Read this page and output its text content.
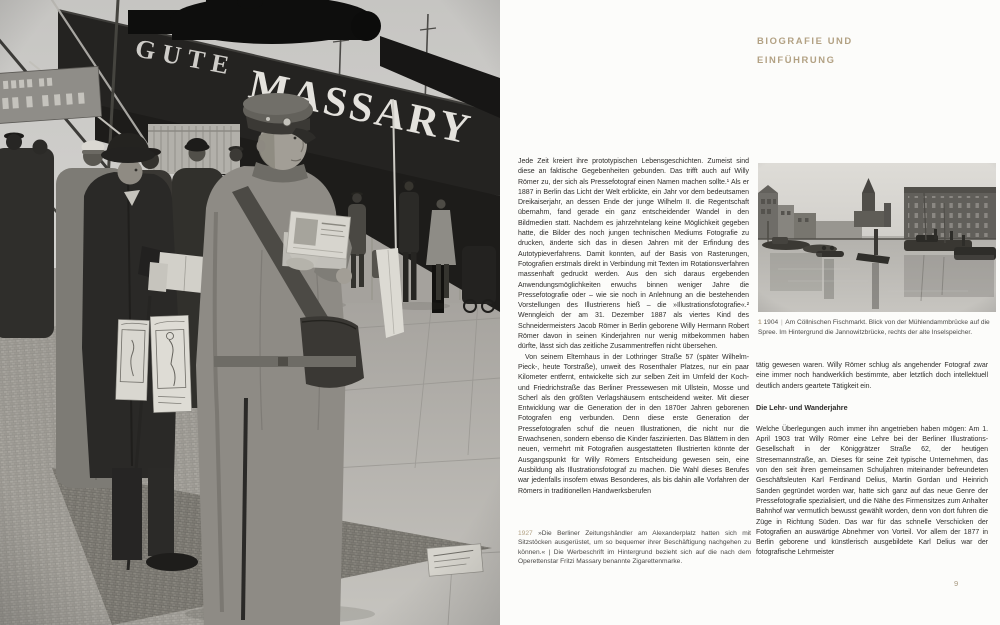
BIOGRAFIE UND
EINFÜHRUNG
1 1904 | Am Cöllnischen Fischmarkt. Blick von der Mühlendammbrücke auf die Spree. Im Hintergrund die Jannowitzbrücke, rechts der alte Inselspeicher.

Jede Zeit kreiert ihre prototypischen Lebensgeschichten. Zumeist sind diese an faktische Gegebenheiten gebunden. Das trifft auch auf Willy Römer zu, der sich als Pressefotograf einen Namen machen sollte.¹ Als er 1887 in Berlin das Licht der Welt erblickte, ein Jahr vor dem bedeutsamen Dreikaiserjahr, an dessen Ende der junge Wilhelm II. die Regentschaft übernahm, fand gerade ein ganz entscheidender Wandel in den Bildmedien statt. Nachdem es jahrzehntelang keine Möglichkeit gegeben hatte, die Bilder des noch jungen technischen Mediums Fotografie zu drucken, änderte sich das in diesen Jahren mit der Erfindung des Autotypieverfahrens. Damit konnten, auf der Basis von Rasterungen, Fotografien erstmals direkt in Verbindung mit Texten im Rotationsverfahren massenhaft gedruckt werden. Aus den sich daraus ergebenden Anwendungsmöglichkeiten erwuchs binnen weniger Jahre die Pressefotografie oder – wie sie noch in Anlehnung an die bestehenden Vorstellungen des Illustrierens hieß – die »Illustrationsfotografie«.² Wenngleich der am 31. Dezember 1887 als viertes Kind des Schneidermeisters Jacob Römer in Berlin geborene Willy Hermann Robert Römer davon in seinen Kinderjahren nur wenig mitbekommen haben dürfte, lässt sich das zeitliche Zusammentreffen nicht übersehen.

Von seinem Elternhaus in der Lothringer Straße 57 (später Wilhelm-Pieck-, heute Torstraße), unweit des Rosenthaler Platzes, nur ein paar Kilometer entfernt, entwickelte sich zur selben Zeit im Umfeld der Koch- und Friedrichstraße das Berliner Pressewesen mit Ullstein, Mosse und Scherl als den größten Verlagshäusern entscheidend weiter. Mit dieser Entwicklung war die Generation der in den 1870er Jahren geborenen Fotografen eng verbunden. Denn diese erste Generation der Pressefotografen schuf die neuen Illustrationen, die nicht nur die Erwachsenen, sondern ebenso die Kinder faszinierten. Das Blättern in den neuen, vermehrt mit Fotografien ausgestatteten Illustrierten könnte der Ausgangspunkt für Willy Römers Entscheidung gewesen sein, eine Ausbildung als Illustrationsfotograf zu machen. Die Wahl dieses Berufes war jedenfalls insofern etwas Besonderes, als bis dahin alle Vorfahren der Römers in traditionellen Handwerksberufen

1927 »Die Berliner Zeitungshändler am Alexanderplatz hatten sich mit Sitzstöcken ausgerüstet, um so bequemer ihrer Beschäftigung nachgehen zu können.« | Die Werbeschrift im Hintergrund bezieht sich auf die nach dem Operettenstar Fritzi Massary benannte Zigarettenmarke.

tätig gewesen waren. Willy Römer schlug als angehender Fotograf zwar eine immer noch handwerklich bestimmte, aber letztlich doch intellektuell deutlich anders geartete Tätigkeit ein.

Die Lehr- und Wanderjahre

Welche Überlegungen auch immer ihn angetrieben haben mögen: Am 1. April 1903 trat Willy Römer eine Lehre bei der Berliner Illustrations-Gesellschaft in der Königgrätzer Straße 62, der heutigen Stresemannstraße, an. Dieses für seine Zeit typische Unternehmen, das von den seit ihren gemeinsamen Schuljahren miteinander befreundeten Geschäftsleuten Karl Ferdinand Delius, Martin Gordan und Heinrich Sanden gegründet worden war, hatte sich ganz auf das neue Genre der Pressefotografie spezialisiert, und die Nähe des Firmensitzes zum Anhalter Bahnhof war vermutlich bewusst gewählt worden, denn von dort fuhren die Züge in Richtung Süden. Das war für das schnelle Verschicken der Fotografien an auswärtige Abnehmer von Vorteil. Vor allem der 1877 in Berlin geborene und künstlerisch ausgebildete Karl Delius war der fotografische Lehrmeister

9
